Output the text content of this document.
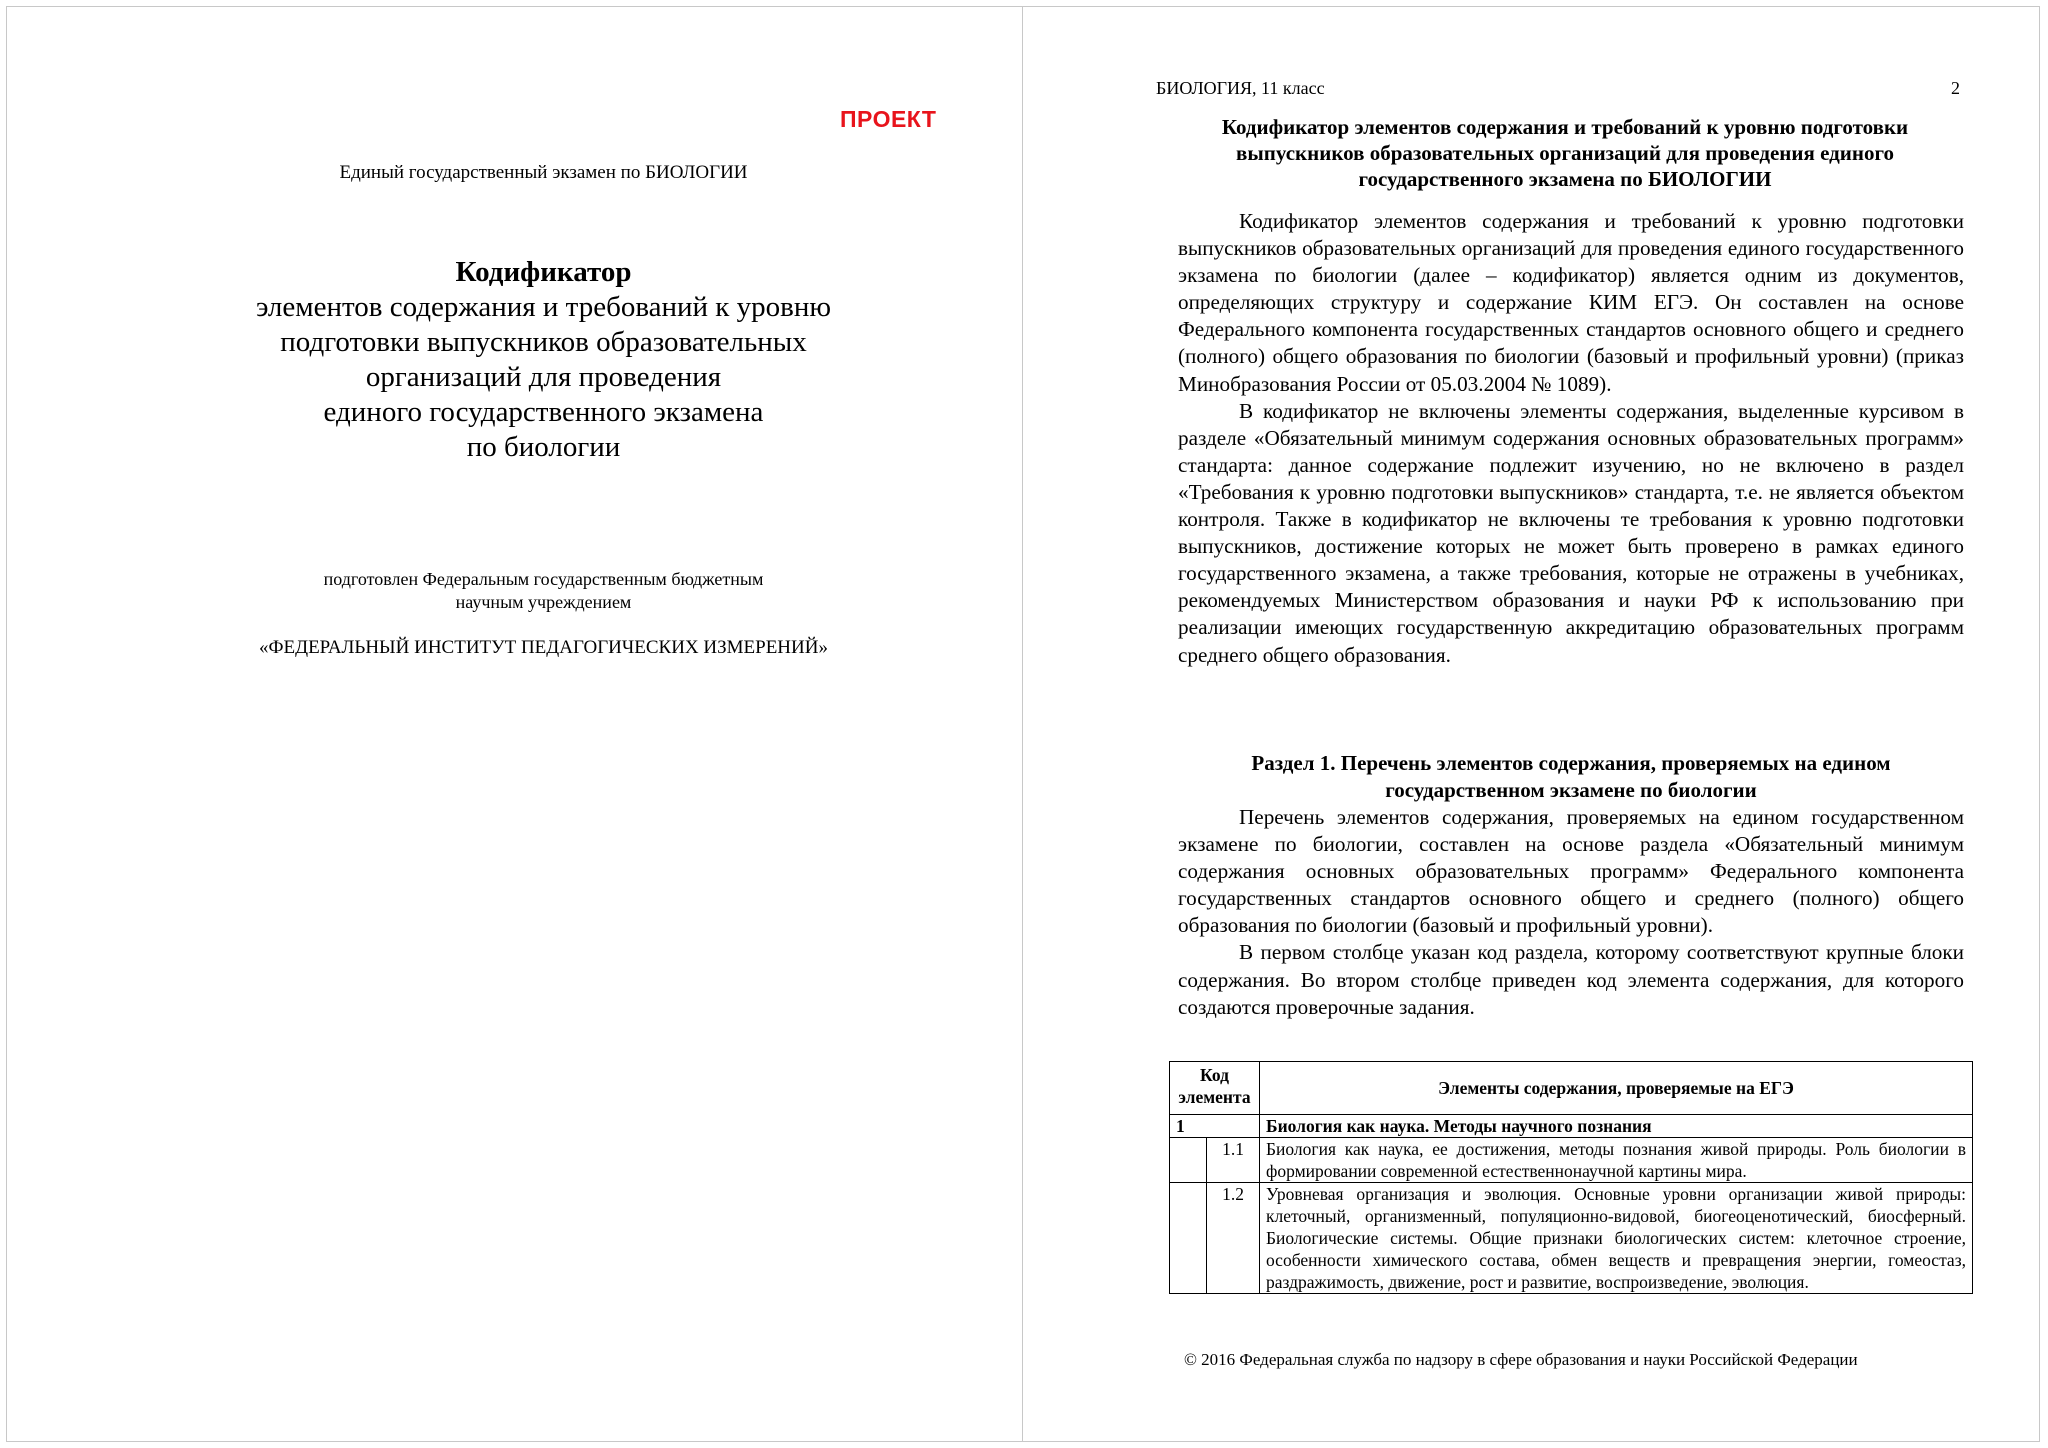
ПРОЕКТ
Единый государственный экзамен по БИОЛОГИИ
Кодификатор
элементов содержания и требований к уровню
подготовки выпускников образовательных
организаций для проведения
единого государственного экзамена
по биологии
подготовлен Федеральным государственным бюджетным
научным учреждением
«ФЕДЕРАЛЬНЫЙ ИНСТИТУТ ПЕДАГОГИЧЕСКИХ ИЗМЕРЕНИЙ»
БИОЛОГИЯ, 11 класс	2
Кодификатор элементов содержания и требований к уровню подготовки выпускников образовательных организаций для проведения единого государственного экзамена по БИОЛОГИИ

Кодификатор элементов содержания и требований к уровню подготовки выпускников образовательных организаций для проведения единого государственного экзамена по биологии (далее – кодификатор) является одним из документов, определяющих структуру и содержание КИМ ЕГЭ. Он составлен на основе Федерального компонента государственных стандартов основного общего и среднего (полного) общего образования по биологии (базовый и профильный уровни) (приказ Минобразования России от 05.03.2004 № 1089).

В кодификатор не включены элементы содержания, выделенные курсивом в разделе «Обязательный минимум содержания основных образовательных программ» стандарта: данное содержание подлежит изучению, но не включено в раздел «Требования к уровню подготовки выпускников» стандарта, т.е. не является объектом контроля. Также в кодификатор не включены те требования к уровню подготовки выпускников, достижение которых не может быть проверено в рамках единого государственного экзамена, а также требования, которые не отражены в учебниках, рекомендуемых Министерством образования и науки РФ к использованию при реализации имеющих государственную аккредитацию образовательных программ среднего общего образования.

Раздел 1. Перечень элементов содержания, проверяемых на едином государственном экзамене по биологии

Перечень элементов содержания, проверяемых на едином государственном экзамене по биологии, составлен на основе раздела «Обязательный минимум содержания основных образовательных программ» Федерального компонента государственных стандартов основного общего и среднего (полного) общего образования по биологии (базовый и профильный уровни).

В первом столбце указан код раздела, которому соответствуют крупные блоки содержания. Во втором столбце приведен код элемента содержания, для которого создаются проверочные задания.

Код
элемента		Элементы содержания, проверяемые на ЕГЭ
1		Биология как наука. Методы научного познания
	1.1	Биология как наука, ее достижения, методы познания живой природы. Роль биологии в формировании современной естественнонаучной картины мира.
	1.2	Уровневая организация и эволюция. Основные уровни организации живой природы: клеточный, организменный, популяционно-видовой, биогеоценотический, биосферный. Биологические системы. Общие признаки биологических систем: клеточное строение, особенности химического состава, обмен веществ и превращения энергии, гомеостаз, раздражимость, движение, рост и развитие, воспроизведение, эволюция.
© 2016 Федеральная служба по надзору в сфере образования и науки Российской Федерации
